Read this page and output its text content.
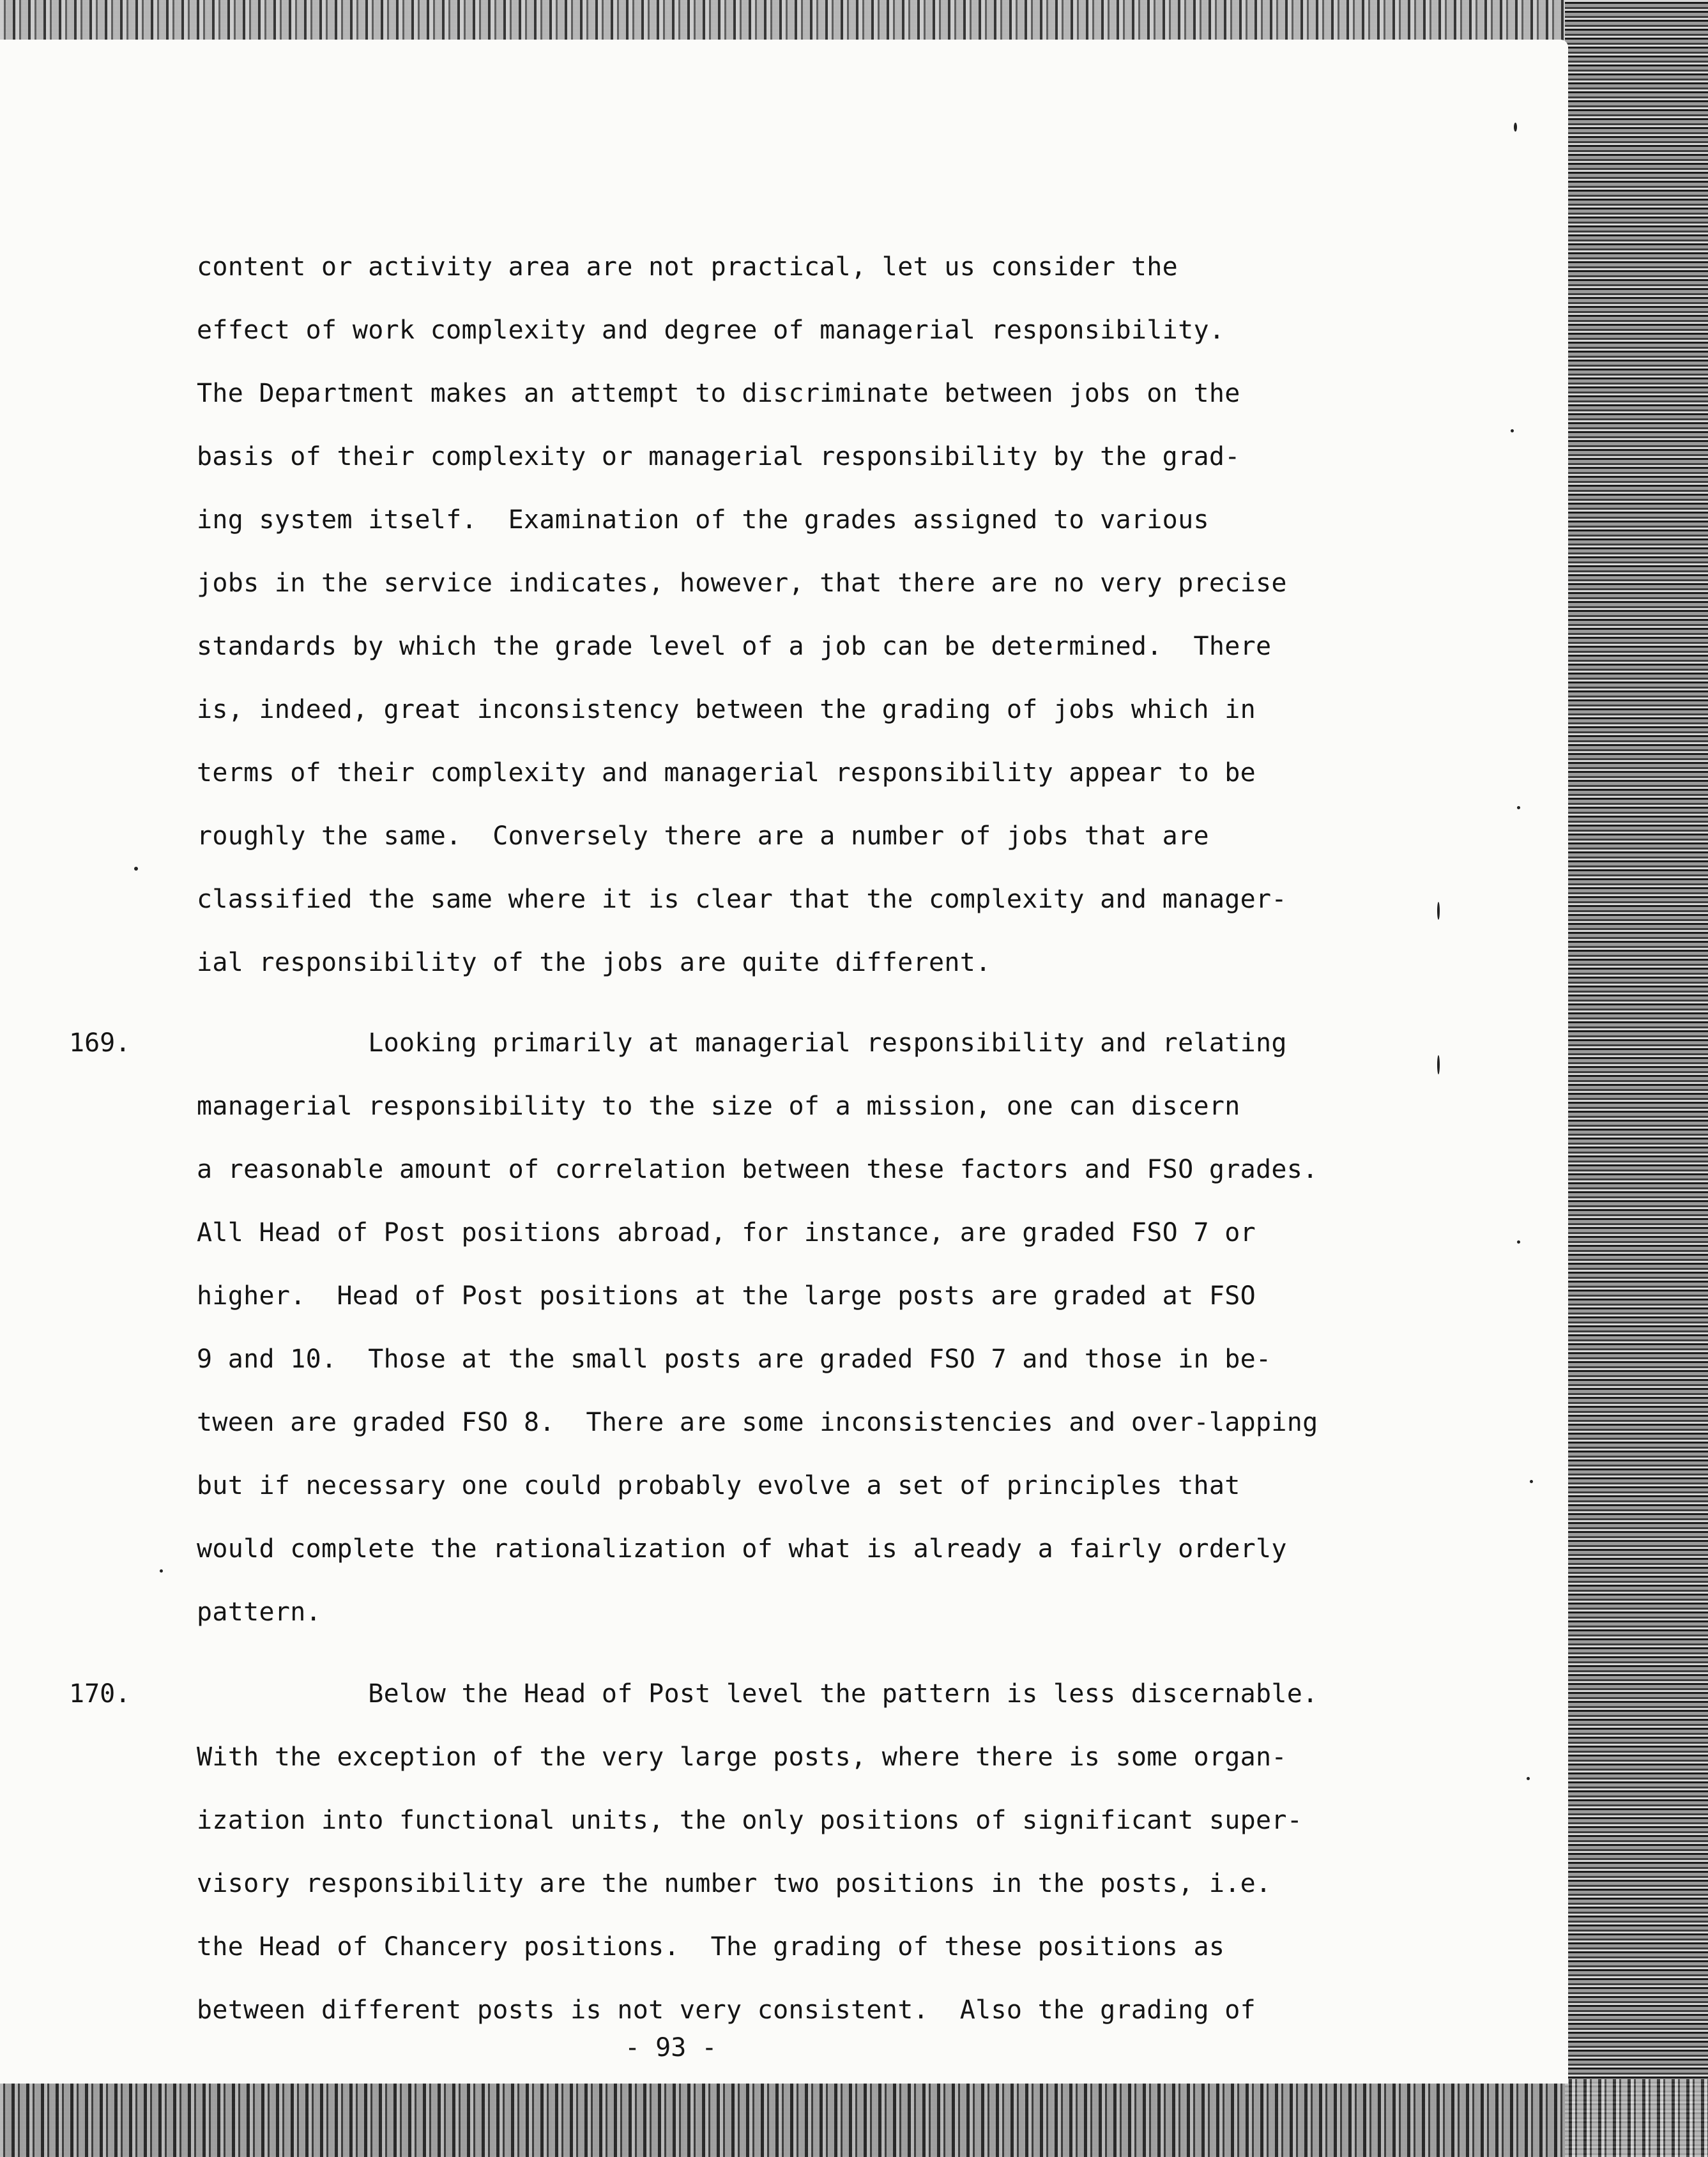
content or activity area are not practical, let us consider the
effect of work complexity and degree of managerial responsibility.
The Department makes an attempt to discriminate between jobs on the
basis of their complexity or managerial responsibility by the grad-
ing system itself.  Examination of the grades assigned to various
jobs in the service indicates, however, that there are no very precise
standards by which the grade level of a job can be determined.  There
is, indeed, great inconsistency between the grading of jobs which in
terms of their complexity and managerial responsibility appear to be
roughly the same.  Conversely there are a number of jobs that are
classified the same where it is clear that the complexity and manager-
ial responsibility of the jobs are quite different.
Looking primarily at managerial responsibility and relating
managerial responsibility to the size of a mission, one can discern
a reasonable amount of correlation between these factors and FSO grades.
All Head of Post positions abroad, for instance, are graded FSO 7 or
higher.  Head of Post positions at the large posts are graded at FSO
9 and 10.  Those at the small posts are graded FSO 7 and those in be-
tween are graded FSO 8.  There are some inconsistencies and over-lapping
but if necessary one could probably evolve a set of principles that
would complete the rationalization of what is already a fairly orderly
pattern.
Below the Head of Post level the pattern is less discernable.
With the exception of the very large posts, where there is some organ-
ization into functional units, the only positions of significant super-
visory responsibility are the number two positions in the posts, i.e.
the Head of Chancery positions.  The grading of these positions as
between different posts is not very consistent.  Also the grading of
169.
170.
- 93 -
